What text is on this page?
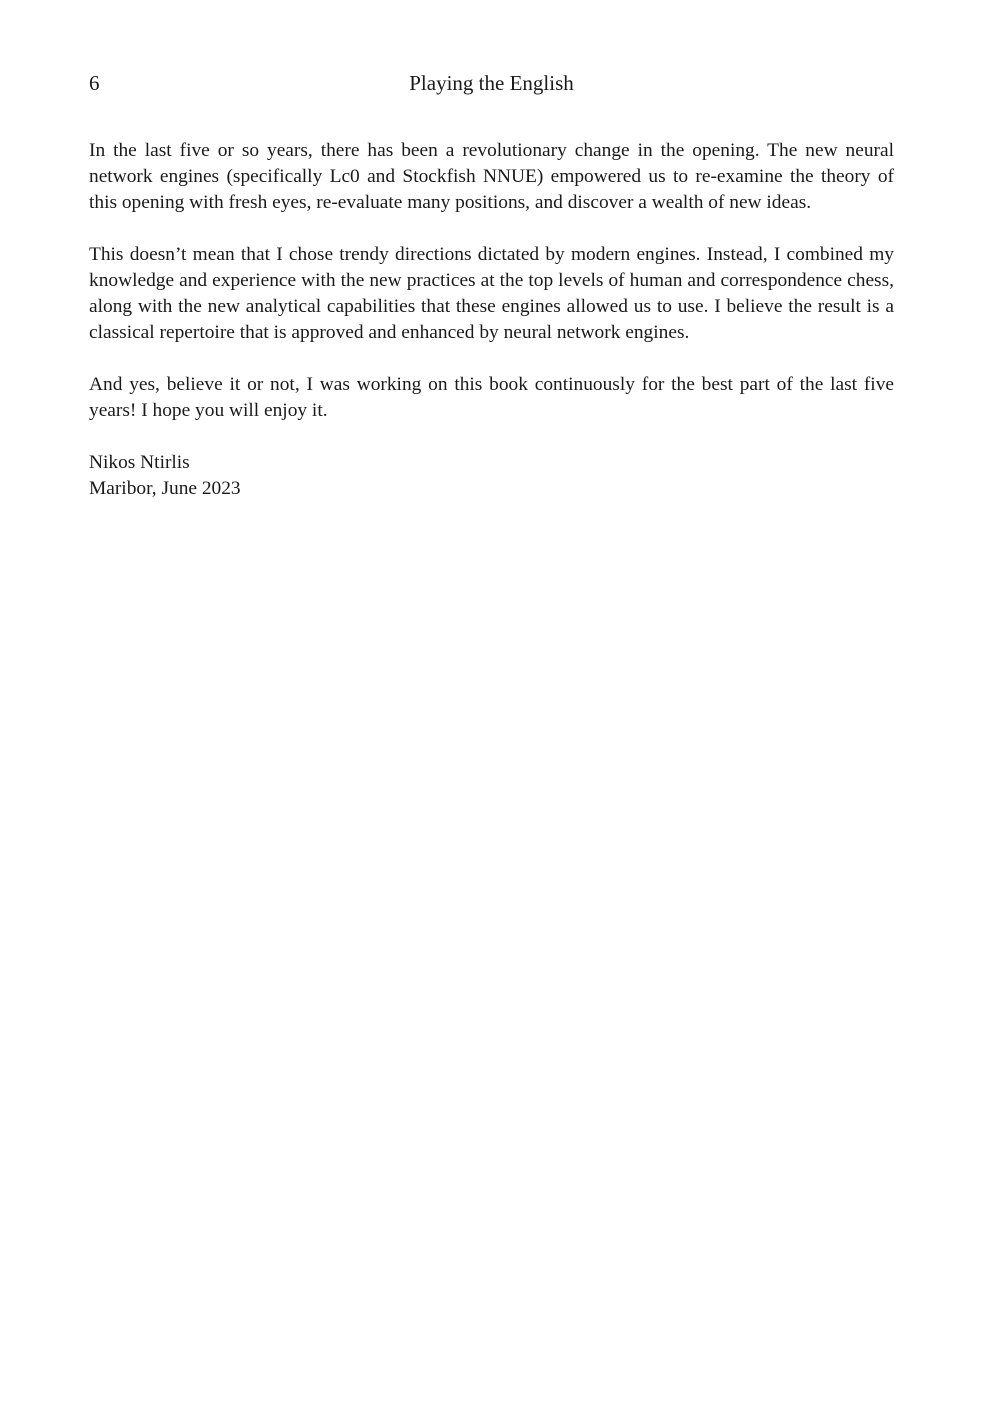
6	Playing the English

In the last five or so years, there has been a revolutionary change in the opening. The new neural network engines (specifically Lc0 and Stockfish NNUE) empowered us to re-examine the theory of this opening with fresh eyes, re-evaluate many positions, and discover a wealth of new ideas.

This doesn’t mean that I chose trendy directions dictated by modern engines. Instead, I combined my knowledge and experience with the new practices at the top levels of human and correspondence chess, along with the new analytical capabilities that these engines allowed us to use. I believe the result is a classical repertoire that is approved and enhanced by neural network engines.

And yes, believe it or not, I was working on this book continuously for the best part of the last five years! I hope you will enjoy it.

Nikos Ntirlis
Maribor, June 2023
